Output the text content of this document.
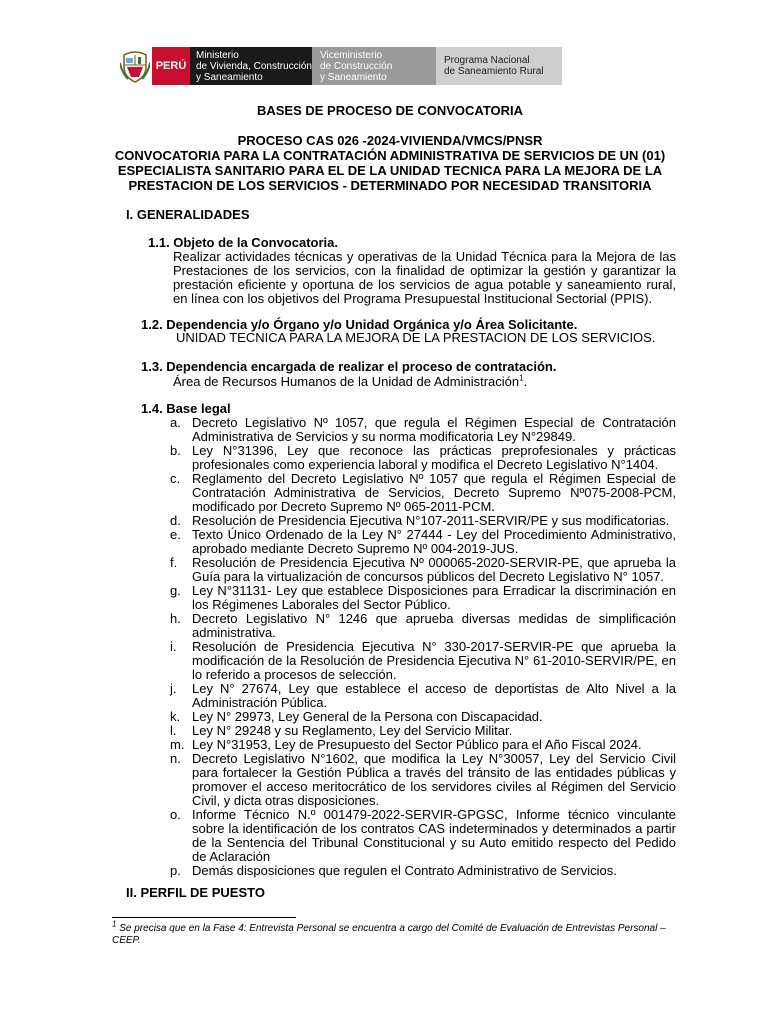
PERÚ
Ministerio
de Vivienda, Construcción
y Saneamiento
Viceministerio
de Construcción
y Saneamiento
Programa Nacional
de Saneamiento Rural
BASES DE PROCESO DE CONVOCATORIA
PROCESO CAS 026 -2024-VIVIENDA/VMCS/PNSR
CONVOCATORIA PARA LA CONTRATACIÓN ADMINISTRATIVA DE SERVICIOS DE UN (01)
ESPECIALISTA SANITARIO PARA EL DE LA UNIDAD TECNICA PARA LA MEJORA DE LA
PRESTACION DE LOS SERVICIOS - DETERMINADO POR NECESIDAD TRANSITORIA
I. GENERALIDADES
1.1. Objeto de la Convocatoria.
Realizar actividades técnicas y operativas de la Unidad Técnica para la Mejora de las Prestaciones de los servicios, con la finalidad de optimizar la gestión y garantizar la prestación eficiente y oportuna de los servicios de agua potable y saneamiento rural, en línea con los objetivos del Programa Presupuestal Institucional Sectorial (PPIS).
1.2. Dependencia y/o Órgano y/o Unidad Orgánica y/o Área Solicitante.
UNIDAD TECNICA PARA LA MEJORA DE LA PRESTACION DE LOS SERVICIOS.
1.3. Dependencia encargada de realizar el proceso de contratación.
Área de Recursos Humanos de la Unidad de Administración$^1$.
1.4. Base legal
a. Decreto Legislativo Nº 1057, que regula el Régimen Especial de Contratación Administrativa de Servicios y su norma modificatoria Ley N°29849.
b. Ley N°31396, Ley que reconoce las prácticas preprofesionales y prácticas profesionales como experiencia laboral y modifica el Decreto Legislativo N°1404.
c. Reglamento del Decreto Legislativo Nº 1057 que regula el Régimen Especial de Contratación Administrativa de Servicios, Decreto Supremo Nº075-2008-PCM, modificado por Decreto Supremo Nº 065-2011-PCM.
d. Resolución de Presidencia Ejecutiva N°107-2011-SERVIR/PE y sus modificatorias.
e. Texto Único Ordenado de la Ley N° 27444 - Ley del Procedimiento Administrativo, aprobado mediante Decreto Supremo Nº 004-2019-JUS.
f. Resolución de Presidencia Ejecutiva Nº 000065-2020-SERVIR-PE, que aprueba la Guía para la virtualización de concursos públicos del Decreto Legislativo N° 1057.
g. Ley N°31131- Ley que establece Disposiciones para Erradicar la discriminación en los Régimenes Laborales del Sector Público.
h. Decreto Legislativo N° 1246 que aprueba diversas medidas de simplificación administrativa.
i. Resolución de Presidencia Ejecutiva N° 330-2017-SERVIR-PE que aprueba la modificación de la Resolución de Presidencia Ejecutiva N° 61-2010-SERVIR/PE, en lo referido a procesos de selección.
j. Ley N° 27674, Ley que establece el acceso de deportistas de Alto Nivel a la Administración Pública.
k. Ley N° 29973, Ley General de la Persona con Discapacidad.
l. Ley N° 29248 y su Reglamento, Ley del Servicio Militar.
m. Ley N°31953, Ley de Presupuesto del Sector Público para el Año Fiscal 2024.
n. Decreto Legislativo N°1602, que modifica la Ley N°30057, Ley del Servicio Civil para fortalecer la Gestión Pública a través del tránsito de las entidades públicas y promover el acceso meritocrático de los servidores civiles al Régimen del Servicio Civil, y dicta otras disposiciones.
o. Informe Técnico N.º 001479-2022-SERVIR-GPGSC, Informe técnico vinculante sobre la identificación de los contratos CAS indeterminados y determinados a partir de la Sentencia del Tribunal Constitucional y su Auto emitido respecto del Pedido de Aclaración
p. Demás disposiciones que regulen el Contrato Administrativo de Servicios.
II. PERFIL DE PUESTO
$^1$ Se precisa que en la Fase 4: Entrevista Personal se encuentra a cargo del Comité de Evaluación de Entrevistas Personal – CEEP.
